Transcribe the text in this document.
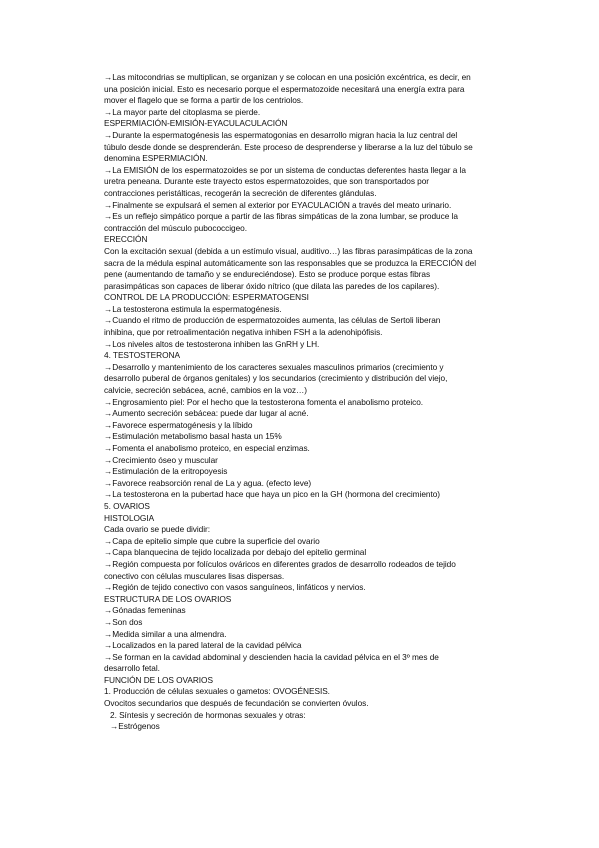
→Las mitocondrias se multiplican, se organizan y se colocan en una posición excéntrica, es decir, en
una posición inicial. Esto es necesario porque el espermatozoide necesitará una energía extra para
mover el flagelo que se forma a partir de los centriolos.
→La mayor parte del citoplasma se pierde.
ESPERMIACIÓN-EMISIÓN-EYACULACULACIÓN
→Durante la espermatogénesis las espermatogonias en desarrollo migran hacia la luz central del
túbulo desde donde se desprenderán. Este proceso de desprenderse y liberarse a la luz del túbulo se
denomina ESPERMIACIÓN.
→La EMISIÓN de los espermatozoides se por un sistema de conductas deferentes hasta llegar a la
uretra peneana. Durante este trayecto estos espermatozoides, que son transportados por
contracciones peristálticas, recogerán la secreción de diferentes glándulas.
→Finalmente se expulsará el semen al exterior por EYACULACIÓN a través del meato urinario.
→Es un reflejo simpático porque a partir de las fibras simpáticas de la zona lumbar, se produce la
contracción del músculo pubococcigeo.
ERECCIÓN
Con la excitación sexual (debida a un estímulo visual, auditivo…) las fibras parasimpáticas de la zona
sacra de la médula espinal automáticamente son las responsables que se produzca la ERECCIÓN del
pene (aumentando de tamaño y se endureciéndose). Esto se produce porque estas fibras
parasimpáticas son capaces de liberar óxido nítrico (que dilata las paredes de los capilares).
CONTROL DE LA PRODUCCIÓN: ESPERMATOGENSI
→La testosterona estimula la espermatogénesis.
→Cuando el ritmo de producción de espermatozoides aumenta, las células de Sertoli liberan
inhibina, que por retroalimentación negativa inhiben FSH a la adenohipófisis.
→Los niveles altos de testosterona inhiben las GnRH y LH.
4. TESTOSTERONA
→Desarrollo y mantenimiento de los caracteres sexuales masculinos primarios (crecimiento y
desarrollo puberal de órganos genitales) y los secundarios (crecimiento y distribución del viejo,
calvicie, secreción sebácea, acné, cambios en la voz…)
→Engrosamiento piel: Por el hecho que la testosterona fomenta el anabolismo proteico.
→Aumento secreción sebácea: puede dar lugar al acné.
→Favorece espermatogénesis y la líbido
→Estimulación metabolismo basal hasta un 15%
→Fomenta el anabolismo proteico, en especial enzimas.
→Crecimiento óseo y muscular
→Estimulación de la eritropoyesis
→Favorece reabsorción renal de La y agua. (efecto leve)
→La testosterona en la pubertad hace que haya un pico en la GH (hormona del crecimiento)
5. OVARIOS
HISTOLOGIA
Cada ovario se puede dividir:
→Capa de epitelio simple que cubre la superficie del ovario
→Capa blanquecina de tejido localizada por debajo del epitelio germinal
→Región compuesta por folículos ováricos en diferentes grados de desarrollo rodeados de tejido
conectivo con células musculares lisas dispersas.
→Región de tejido conectivo con vasos sanguíneos, linfáticos y nervios.
ESTRUCTURA DE LOS OVARIOS
→Gónadas femeninas
→Son dos
→Medida similar a una almendra.
→Localizados en la pared lateral de la cavidad pélvica
→Se forman en la cavidad abdominal y descienden hacia la cavidad pélvica en el 3º mes de
desarrollo fetal.
FUNCIÓN DE LOS OVARIOS
1. Producción de células sexuales o gametos: OVOGÉNESIS.
Ovocitos secundarios que después de fecundación se convierten óvulos.
2. Síntesis y secreción de hormonas sexuales y otras:
→Estrógenos
